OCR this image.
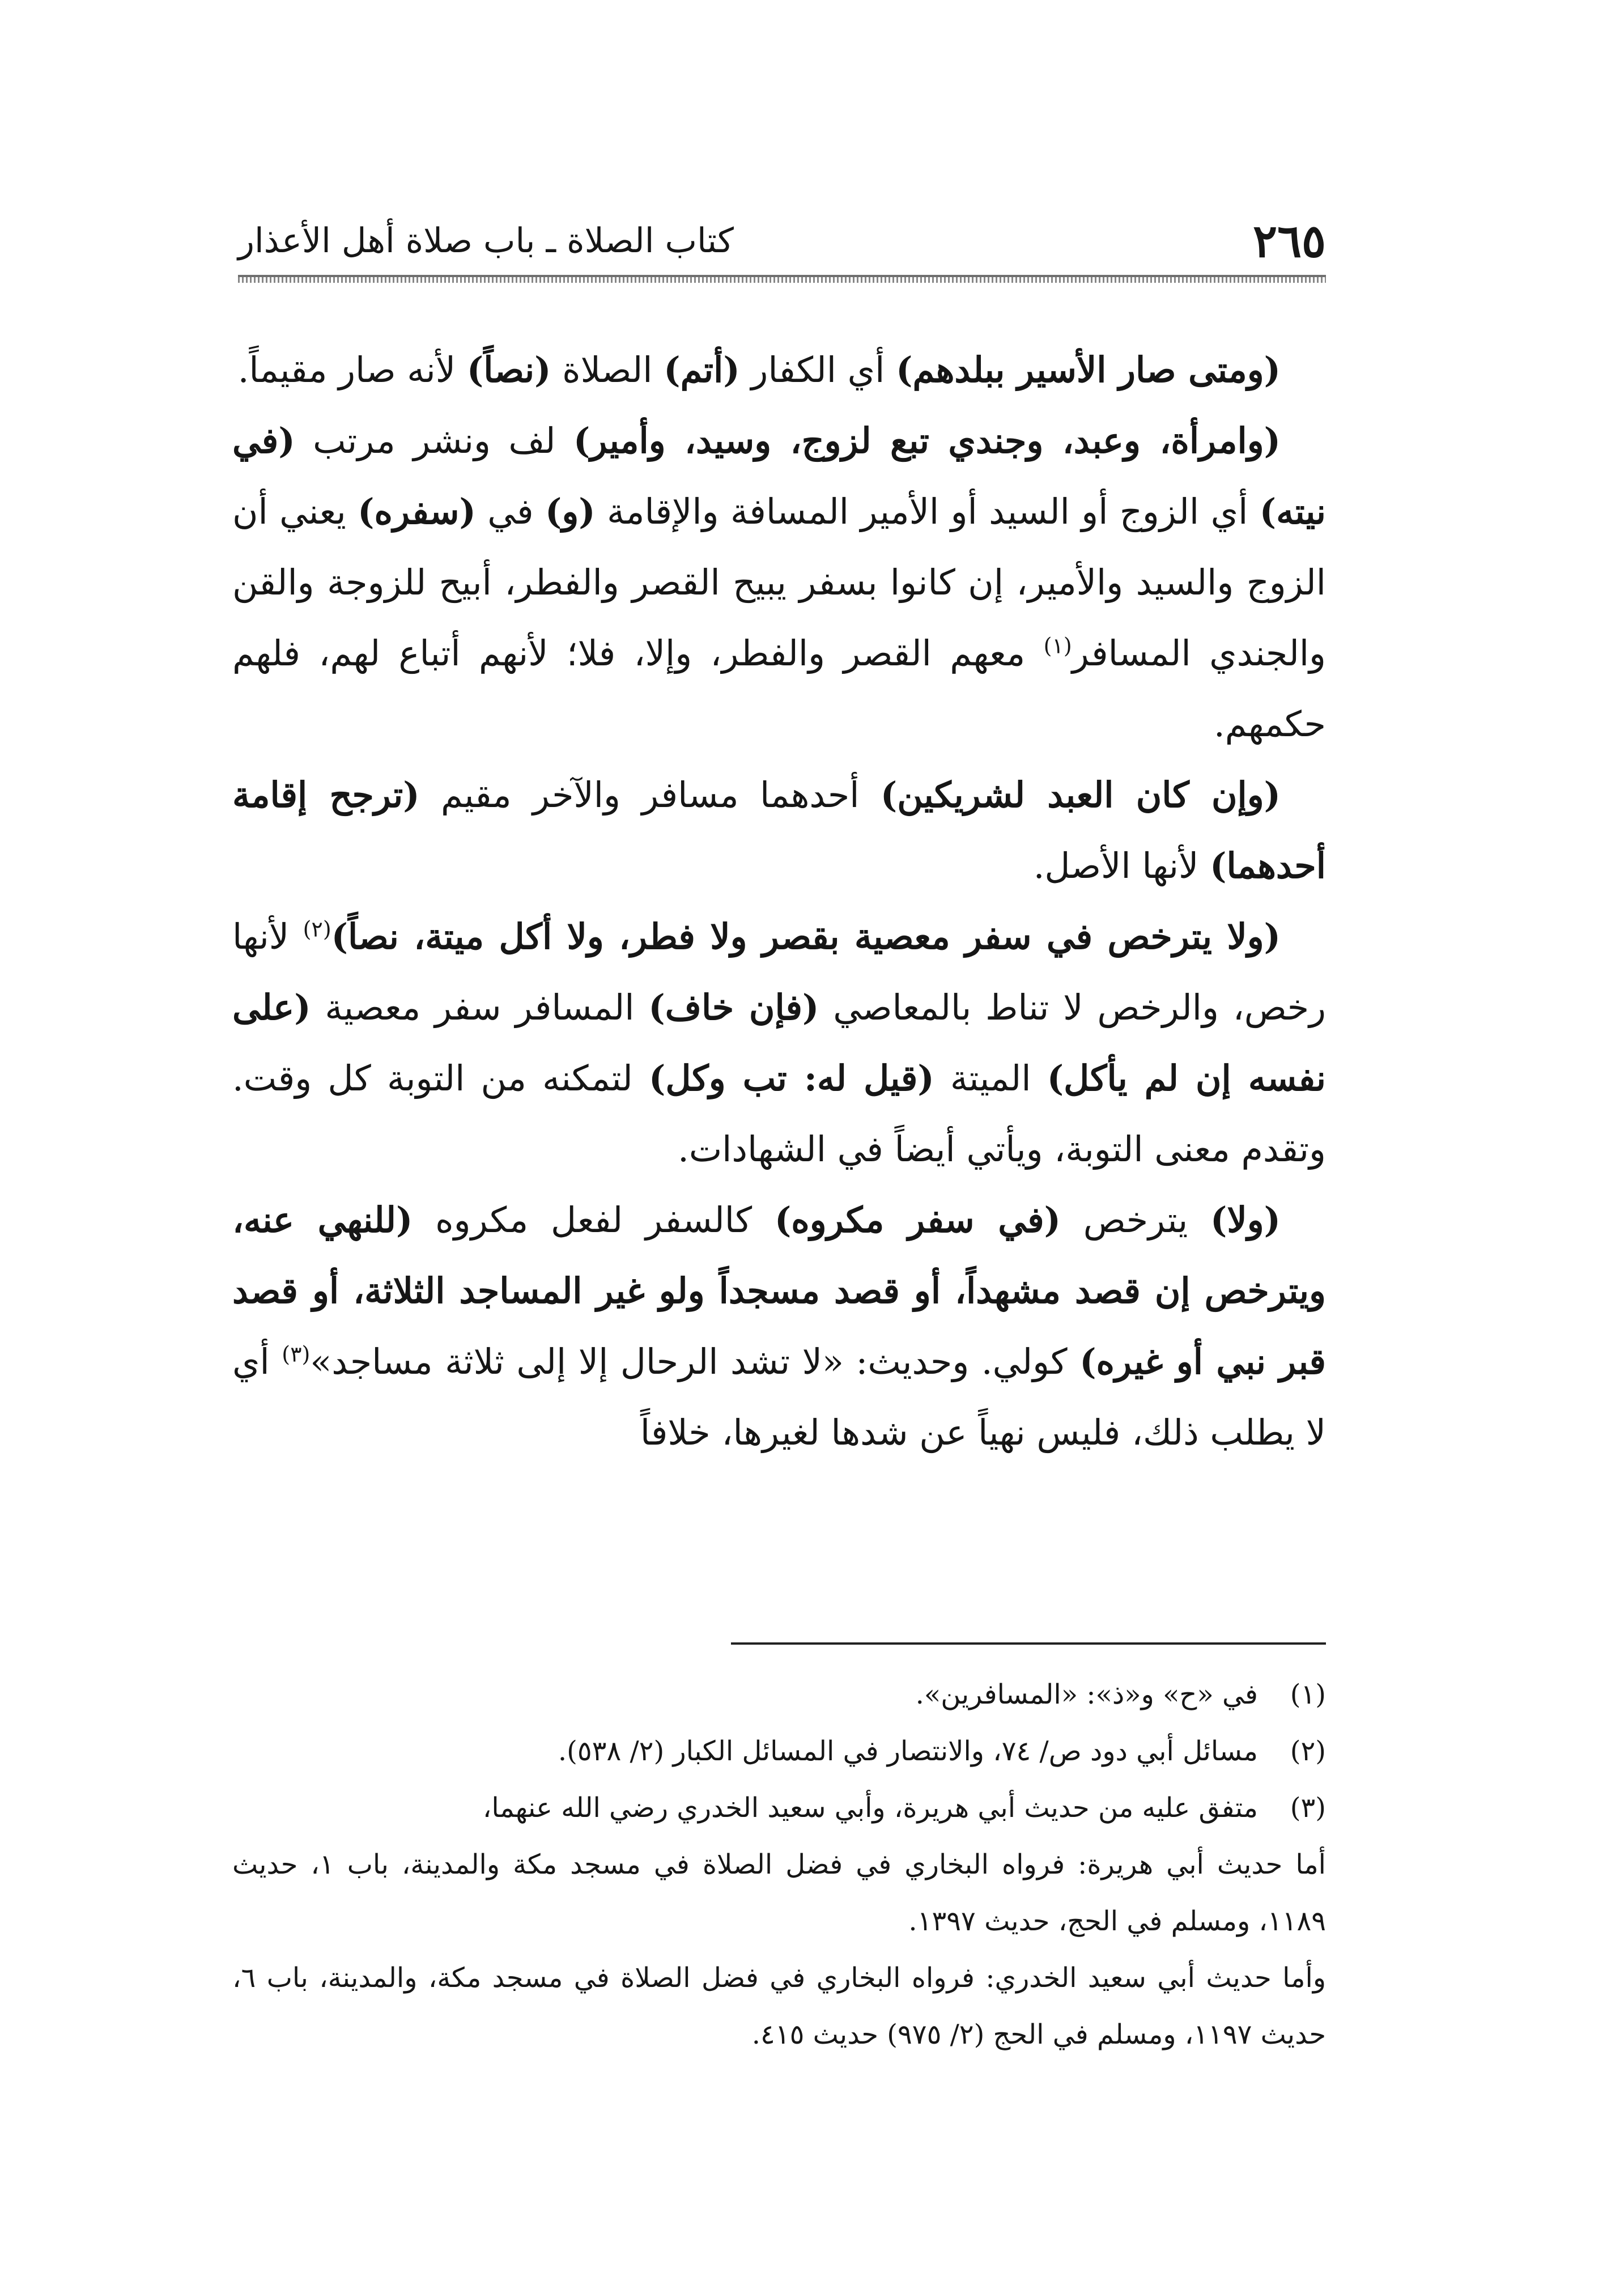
٢٦٥
كتاب الصلاة ـ باب صلاة أهل الأعذار

(ومتى صار الأسير ببلدهم) أي الكفار (أتم) الصلاة (نصاً) لأنه صار مقيماً.

(وامرأة، وعبد، وجندي تبع لزوج، وسيد، وأمير) لف ونشر مرتب (في نيته) أي الزوج أو السيد أو الأمير المسافة والإقامة (و) في (سفره) يعني أن الزوج والسيد والأمير، إن كانوا بسفر يبيح القصر والفطر، أبيح للزوجة والقن والجندي المسافر$^{(١)}$ معهم القصر والفطر، وإلا، فلا؛ لأنهم أتباع لهم، فلهم حكمهم.

(وإن كان العبد لشريكين) أحدهما مسافر والآخر مقيم (ترجح إقامة أحدهما) لأنها الأصل.

(ولا يترخص في سفر معصية بقصر ولا فطر، ولا أكل ميتة، نصاً)$^{(٢)}$ لأنها رخص، والرخص لا تناط بالمعاصي (فإن خاف) المسافر سفر معصية (على نفسه إن لم يأكل) الميتة (قيل له: تب وكل) لتمكنه من التوبة كل وقت. وتقدم معنى التوبة، ويأتي أيضاً في الشهادات.

(ولا) يترخص (في سفر مكروه) كالسفر لفعل مكروه (للنهي عنه، ويترخص إن قصد مشهداً، أو قصد مسجداً ولو غير المساجد الثلاثة، أو قصد قبر نبي أو غيره) كولي. وحديث: «لا تشد الرحال إلا إلى ثلاثة مساجد»$^{(٣)}$ أي لا يطلب ذلك، فليس نهياً عن شدها لغيرها، خلافاً

(١)
في «ح» و«ذ»: «المسافرين».
(٢)
مسائل أبي دود ص/ ٧٤، والانتصار في المسائل الكبار (٢/ ٥٣٨).
(٣)
متفق عليه من حديث أبي هريرة، وأبي سعيد الخدري رضي الله عنهما،
أما حديث أبي هريرة: فرواه البخاري في فضل الصلاة في مسجد مكة والمدينة، باب ١، حديث ١١٨٩، ومسلم في الحج، حديث ١٣٩٧.
وأما حديث أبي سعيد الخدري: فرواه البخاري في فضل الصلاة في مسجد مكة، والمدينة، باب ٦، حديث ١١٩٧، ومسلم في الحج (٢/ ٩٧٥) حديث ٤١٥.
